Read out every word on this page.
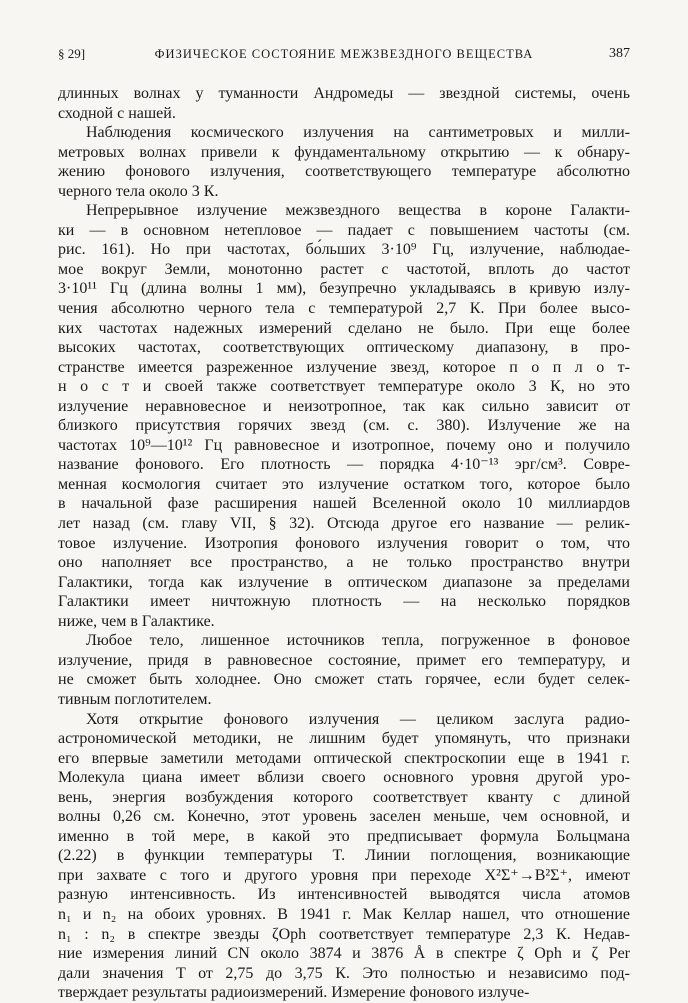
§ 29]	ФИЗИЧЕСКОЕ СОСТОЯНИЕ МЕЖЗВЕЗДНОГО ВЕЩЕСТВА	387

длинных волнах у туманности Андромеды — звездной системы, очень
сходной с нашей.

Наблюдения космического излучения на сантиметровых и милли-
метровых волнах привели к фундаментальному открытию — к обнару-
жению фонового излучения, соответствующего температуре абсолютно
черного тела около 3 К.

Непрерывное излучение межзвездного вещества в короне Галакти-
ки — в основном нетепловое — падает с повышением частоты (см.
рис. 161). Но при частотах, бо́льших 3·10⁹ Гц, излучение, наблюдае-
мое вокруг Земли, монотонно растет с частотой, вплоть до частот
3·10¹¹ Гц (длина волны 1 мм), безупречно укладываясь в кривую излу-
чения абсолютно черного тела с температурой 2,7 К. При более высо-
ких частотах надежных измерений сделано не было. При еще более
высоких частотах, соответствующих оптическому диапазону, в про-
странстве имеется разреженное излучение звезд, которое п о п л о т-
н о с т и своей также соответствует температуре около 3 К, но это
излучение неравновесное и неизотропное, так как сильно зависит от
близкого присутствия горячих звезд (см. с. 380). Излучение же на
частотах 10⁹—10¹² Гц равновесное и изотропное, почему оно и получило
название фонового. Его плотность — порядка 4·10⁻¹³ эрг/см³. Совре-
менная космология считает это излучение остатком того, которое было
в начальной фазе расширения нашей Вселенной около 10 миллиардов
лет назад (см. главу VII, § 32). Отсюда другое его название — релик-
товое излучение. Изотропия фонового излучения говорит о том, что
оно наполняет все пространство, а не только пространство внутри
Галактики, тогда как излучение в оптическом диапазоне за пределами
Галактики имеет ничтожную плотность — на несколько порядков
ниже, чем в Галактике.

Любое тело, лишенное источников тепла, погруженное в фоновое
излучение, придя в равновесное состояние, примет его температуру, и
не сможет быть холоднее. Оно сможет стать горячее, если будет селек-
тивным поглотителем.

Хотя открытие фонового излучения — целиком заслуга радио-
астрономической методики, не лишним будет упомянуть, что признаки
его впервые заметили методами оптической спектроскопии еще в 1941 г.
Молекула циана имеет вблизи своего основного уровня другой уро-
вень, энергия возбуждения которого соответствует кванту с длиной
волны 0,26 см. Конечно, этот уровень заселен меньше, чем основной, и
именно в той мере, в какой это предписывает формула Больцмана
(2.22) в функции температуры T. Линии поглощения, возникающие
при захвате с того и другого уровня при переходе X²Σ⁺→B²Σ⁺, имеют
разную интенсивность. Из интенсивностей выводятся числа атомов
n₁ и n₂ на обоих уровнях. В 1941 г. Мак Келлар нашел, что отношение
n₁ : n₂ в спектре звезды ζOph соответствует температуре 2,3 К. Недав-
ние измерения линий CN около 3874 и 3876 Å в спектре ζ Oph и ζ Per
дали значения T от 2,75 до 3,75 К. Это полностью и независимо под-
тверждает результаты радиоизмерений. Измерение фонового излуче-
